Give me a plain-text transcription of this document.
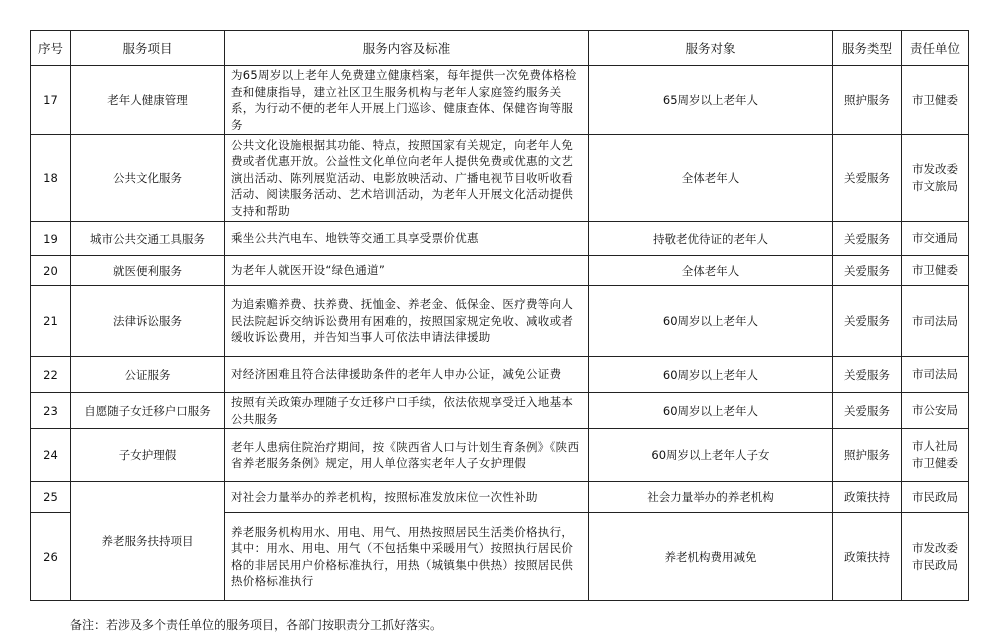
序号	服务项目	服务内容及标准	服务对象	服务类型	责任单位
17	老年人健康管理	为65周岁以上老年人免费建立健康档案，每年提供一次免费体格检查和健康指导，建立社区卫生服务机构与老年人家庭签约服务关系，为行动不便的老年人开展上门巡诊、健康查体、保健咨询等服务	65周岁以上老年人	照护服务	市卫健委

18	公共文化服务	公共文化设施根据其功能、特点，按照国家有关规定，向老年人免费或者优惠开放。公益性文化单位向老年人提供免费或优惠的文艺演出活动、陈列展览活动、电影放映活动、广播电视节目收听收看活动、阅读服务活动、艺术培训活动，为老年人开展文化活动提供支持和帮助	全体老年人	关爱服务	市发改委
市文旅局

19	城市公共交通工具服务	乘坐公共汽电车、地铁等交通工具享受票价优惠	持敬老优待证的老年人	关爱服务	市交通局

20	就医便利服务	为老年人就医开设“绿色通道”	全体老年人	关爱服务	市卫健委

21	法律诉讼服务	为追索赡养费、扶养费、抚恤金、养老金、低保金、医疗费等向人民法院起诉交纳诉讼费用有困难的，按照国家规定免收、减收或者缓收诉讼费用，并告知当事人可依法申请法律援助	60周岁以上老年人	关爱服务	市司法局

22	公证服务	对经济困难且符合法律援助条件的老年人申办公证，减免公证费	60周岁以上老年人	关爱服务	市司法局

23	自愿随子女迁移户口服务	按照有关政策办理随子女迁移户口手续，依法依规享受迁入地基本公共服务	60周岁以上老年人	关爱服务	市公安局

24	子女护理假	老年人患病住院治疗期间，按《陕西省人口与计划生育条例》《陕西省养老服务条例》规定，用人单位落实老年人子女护理假	60周岁以上老年人子女	照护服务	市人社局
市卫健委

25	养老服务扶持项目	对社会力量举办的养老机构，按照标准发放床位一次性补助	社会力量举办的养老机构	政策扶持	市民政局

26		养老服务机构用水、用电、用气、用热按照居民生活类价格执行，其中：用水、用电、用气（不包括集中采暖用气）按照执行居民价格的非居民用户价格标准执行，用热（城镇集中供热）按照居民供热价格标准执行	养老机构费用减免	政策扶持	市发改委
市民政局
备注：若涉及多个责任单位的服务项目，各部门按职责分工抓好落实。
